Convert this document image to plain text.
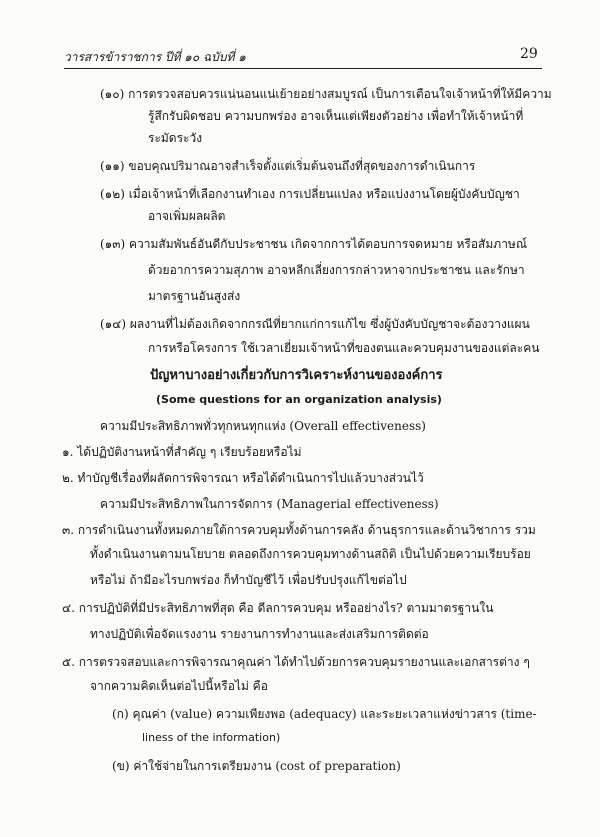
วารสารข้าราชการ ปีที่ ๑๐ ฉบับที่ ๑	29
(๑๐) การตรวจสอบควรแน่นอนแน่เย้ายอย่างสมบูรณ์ เป็นการเตือนใจเจ้าหน้าที่ให้มีความ
รู้สึกรับผิดชอบ ความบกพร่อง อาจเห็นแต่เพียงตัวอย่าง เพื่อทำให้เจ้าหน้าที่
ระมัดระวัง
(๑๑) ขอบคุณปริมาณอาจสำเร็จตั้งแต่เริ่มต้นจนถึงที่สุดของการดำเนินการ
(๑๒) เมื่อเจ้าหน้าที่เลือกงานทำเอง การเปลี่ยนแปลง หรือแบ่งงานโดยผู้บังคับบัญชา
อาจเพิ่มผลผลิต
(๑๓) ความสัมพันธ์อันดีกับประชาชน เกิดจากการได้ตอบการจดหมาย หรือสัมภาษณ์
ด้วยอาการความสุภาพ อาจหลีกเลี่ยงการกล่าวหาจากประชาชน และรักษา
มาตรฐานอันสูงส่ง
(๑๔) ผลงานที่ไม่ต้องเกิดจากกรณีที่ยากแก่การแก้ไข ซึ่งผู้บังคับบัญชาจะต้องวางแผน
การหรือโครงการ ใช้เวลาเยี่ยมเจ้าหน้าที่ของตนและควบคุมงานของแต่ละคน
ปัญหาบางอย่างเกี่ยวกับการวิเคราะห์งานขององค์การ
(Some questions for an organization analysis)
ความมีประสิทธิภาพทั่วทุกหนทุกแห่ง (Overall effectiveness)
๑. ได้ปฏิบัติงานหน้าที่สำคัญ ๆ เรียบร้อยหรือไม่
๒. ทำบัญชีเรื่องที่ผลัดการพิจารณา หรือได้ดำเนินการไปแล้วบางส่วนไว้
ความมีประสิทธิภาพในการจัดการ (Managerial effectiveness)
๓. การดำเนินงานทั้งหมดภายใต้การควบคุมทั้งด้านการคลัง ด้านธุรการและด้านวิชาการ รวม
ทั้งดำเนินงานตามนโยบาย ตลอดถึงการควบคุมทางด้านสถิติ เป็นไปด้วยความเรียบร้อย
หรือไม่ ถ้ามีอะไรบกพร่อง ก็ทำบัญชีไว้ เพื่อปรับปรุงแก้ไขต่อไป
๔. การปฏิบัติที่มีประสิทธิภาพที่สุด คือ ดีลการควบคุม หรืออย่างไร? ตามมาตรฐานใน
ทางปฏิบัติเพื่อจัดแรงงาน รายงานการทำงานและส่งเสริมการติดต่อ
๕. การตรวจสอบและการพิจารณาคุณค่า ได้ทำไปด้วยการควบคุมรายงานและเอกสารต่าง ๆ
จากความคิดเห็นต่อไปนี้หรือไม่ คือ
(ก) คุณค่า (value) ความเพียงพอ (adequacy) และระยะเวลาแห่งข่าวสาร (time-
liness of the information)
(ข) ค่าใช้จ่ายในการเตรียมงาน (cost of preparation)
